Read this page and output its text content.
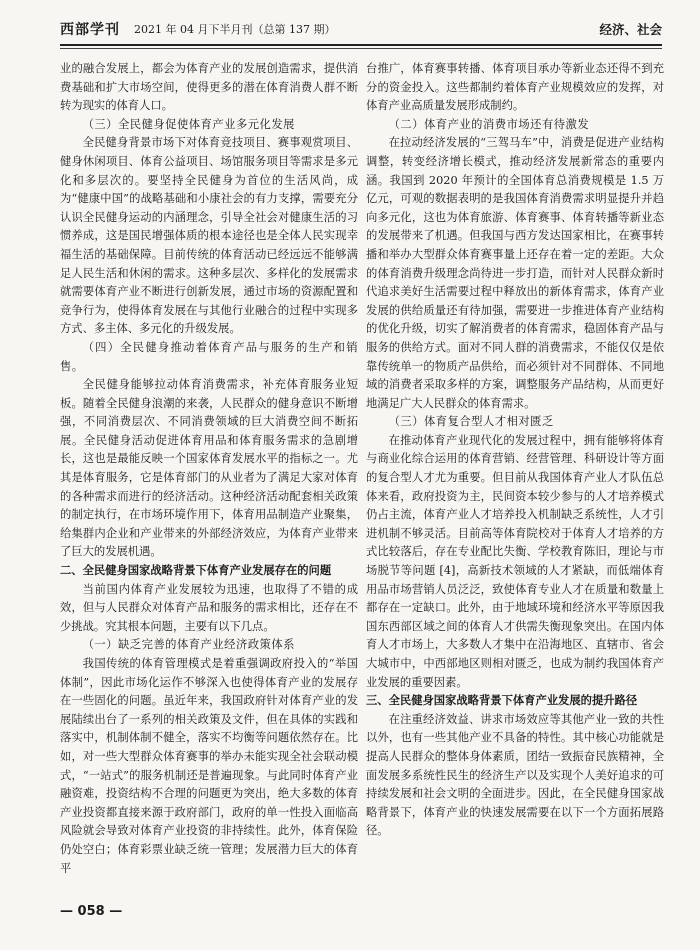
西部学刊 2021 年 04 月下半月刊（总第 137 期）	经济、社会

业的融合发展上，都会为体育产业的发展创造需求，提供消费基础和扩大市场空间，使得更多的潜在体育消费人群不断转为现实的体育人口。

（三）全民健身促使体育产业多元化发展

全民健身背景市场下对体育竞技项目、赛事观赏项目、健身休闲项目、体育公益项目、场馆服务项目等需求是多元化和多层次的。要坚持全民健身为首位的生活风尚，成为“健康中国”的战略基础和小康社会的有力支撑，需要充分认识全民健身运动的内涵理念，引导全社会对健康生活的习惯养成，这是国民增强体质的根本途径也是全体人民实现幸福生活的基础保障。目前传统的体育活动已经远远不能够满足人民生活和休闲的需求。这种多层次、多样化的发展需求就需要体育产业不断进行创新发展，通过市场的资源配置和竞争行为，使得体育发展在与其他行业融合的过程中实现多方式、多主体、多元化的升级发展。

（四）全民健身推动着体育产品与服务的生产和销售。

全民健身能够拉动体育消费需求，补充体育服务业短板。随着全民健身浪潮的来袭，人民群众的健身意识不断增强，不同消费层次、不同消费领域的巨大消费空间不断拓展。全民健身活动促进体育用品和体育服务需求的急剧增长，这也是最能反映一个国家体育发展水平的指标之一。尤其是体育服务，它是体育部门的从业者为了满足大家对体育的各种需求而进行的经济活动。这种经济活动配套相关政策的制定执行，在市场环境作用下，体育用品制造产业聚集，给集群内企业和产业带来的外部经济效应，为体育产业带来了巨大的发展机遇。

二、全民健身国家战略背景下体育产业发展存在的问题

当前国内体育产业发展较为迅速，也取得了不错的成效，但与人民群众对体育产品和服务的需求相比，还存在不少挑战。究其根本问题，主要有以下几点。

（一）缺乏完善的体育产业经济政策体系

我国传统的体育管理模式是着重强调政府投入的“举国体制”，因此市场化运作不够深入也使得体育产业的发展存在一些固化的问题。虽近年来，我国政府针对体育产业的发展陆续出台了一系列的相关政策及文件，但在具体的实践和落实中，机制体制不健全，落实不均衡等问题依然存在。比如，对一些大型群众体育赛事的举办未能实现全社会联动模式，“一站式”的服务机制还是普遍现象。与此同时体育产业融资难，投资结构不合理的问题更为突出，绝大多数的体育产业投资都直接来源于政府部门，政府的单一性投入面临高风险就会导致对体育产业投资的非持续性。此外，体育保险仍处空白；体育彩票业缺乏统一管理；发展潜力巨大的体育平

台推广，体育赛事转播、体育项目承办等新业态还得不到充分的资金投入。这些都制约着体育产业规模效应的发挥，对体育产业高质量发展形成制约。

（二）体育产业的消费市场还有待激发

在拉动经济发展的“三驾马车”中，消费是促进产业结构调整，转变经济增长模式，推动经济发展新常态的重要内涵。我国到 2020 年预计的全国体育总消费规模是 1.5 万亿元，可观的数据表明的是我国体育消费需求明显提升并趋向多元化，这也为体育旅游、体育赛事、体育转播等新业态的发展带来了机遇。但我国与西方发达国家相比，在赛事转播和举办大型群众体育赛事量上还存在着一定的差距。大众的体育消费升级理念尚待进一步打造，而针对人民群众新时代追求美好生活需要过程中释放出的新体育需求，体育产业发展的供给质量还有待加强，需要进一步推进体育产业结构的优化升级，切实了解消费者的体育需求，稳固体育产品与服务的供给方式。面对不同人群的消费需求，不能仅仅是依靠传统单一的物质产品供给，而必须针对不同群体、不同地域的消费者采取多样的方案，调整服务产品结构，从而更好地满足广大人民群众的体育需求。

（三）体育复合型人才相对匮乏

在推动体育产业现代化的发展过程中，拥有能够将体育与商业化综合运用的体育营销、经营管理、科研设计等方面的复合型人才尤为重要。但目前从我国体育产业人才队伍总体来看，政府投资为主，民间资本较少参与的人才培养模式仍占主流，体育产业人才培养投入机制缺乏系统性，人才引进机制不够灵活。目前高等体育院校对于体育人才培养的方式比较落后，存在专业配比失衡、学校教育陈旧，理论与市场脱节等问题 [4]，高新技术领域的人才紧缺，而低端体育用品市场营销人员泛泛，致使体育专业人才在质量和数量上都存在一定缺口。此外，由于地域环境和经济水平等原因我国东西部区域之间的体育人才供需失衡现象突出。在国内体育人才市场上，大多数人才集中在沿海地区、直辖市、省会大城市中，中西部地区则相对匮乏，也成为制约我国体育产业发展的重要因素。

三、全民健身国家战略背景下体育产业发展的提升路径

在注重经济效益、讲求市场效应等其他产业一致的共性以外，也有一些其他产业不具备的特性。其中核心功能就是提高人民群众的整体身体素质，团结一致振奋民族精神，全面发展多系统性民生的经济生产以及实现个人美好追求的可持续发展和社会文明的全面进步。因此，在全民健身国家战略背景下，体育产业的快速发展需要在以下一个方面拓展路径。

— 058 —
